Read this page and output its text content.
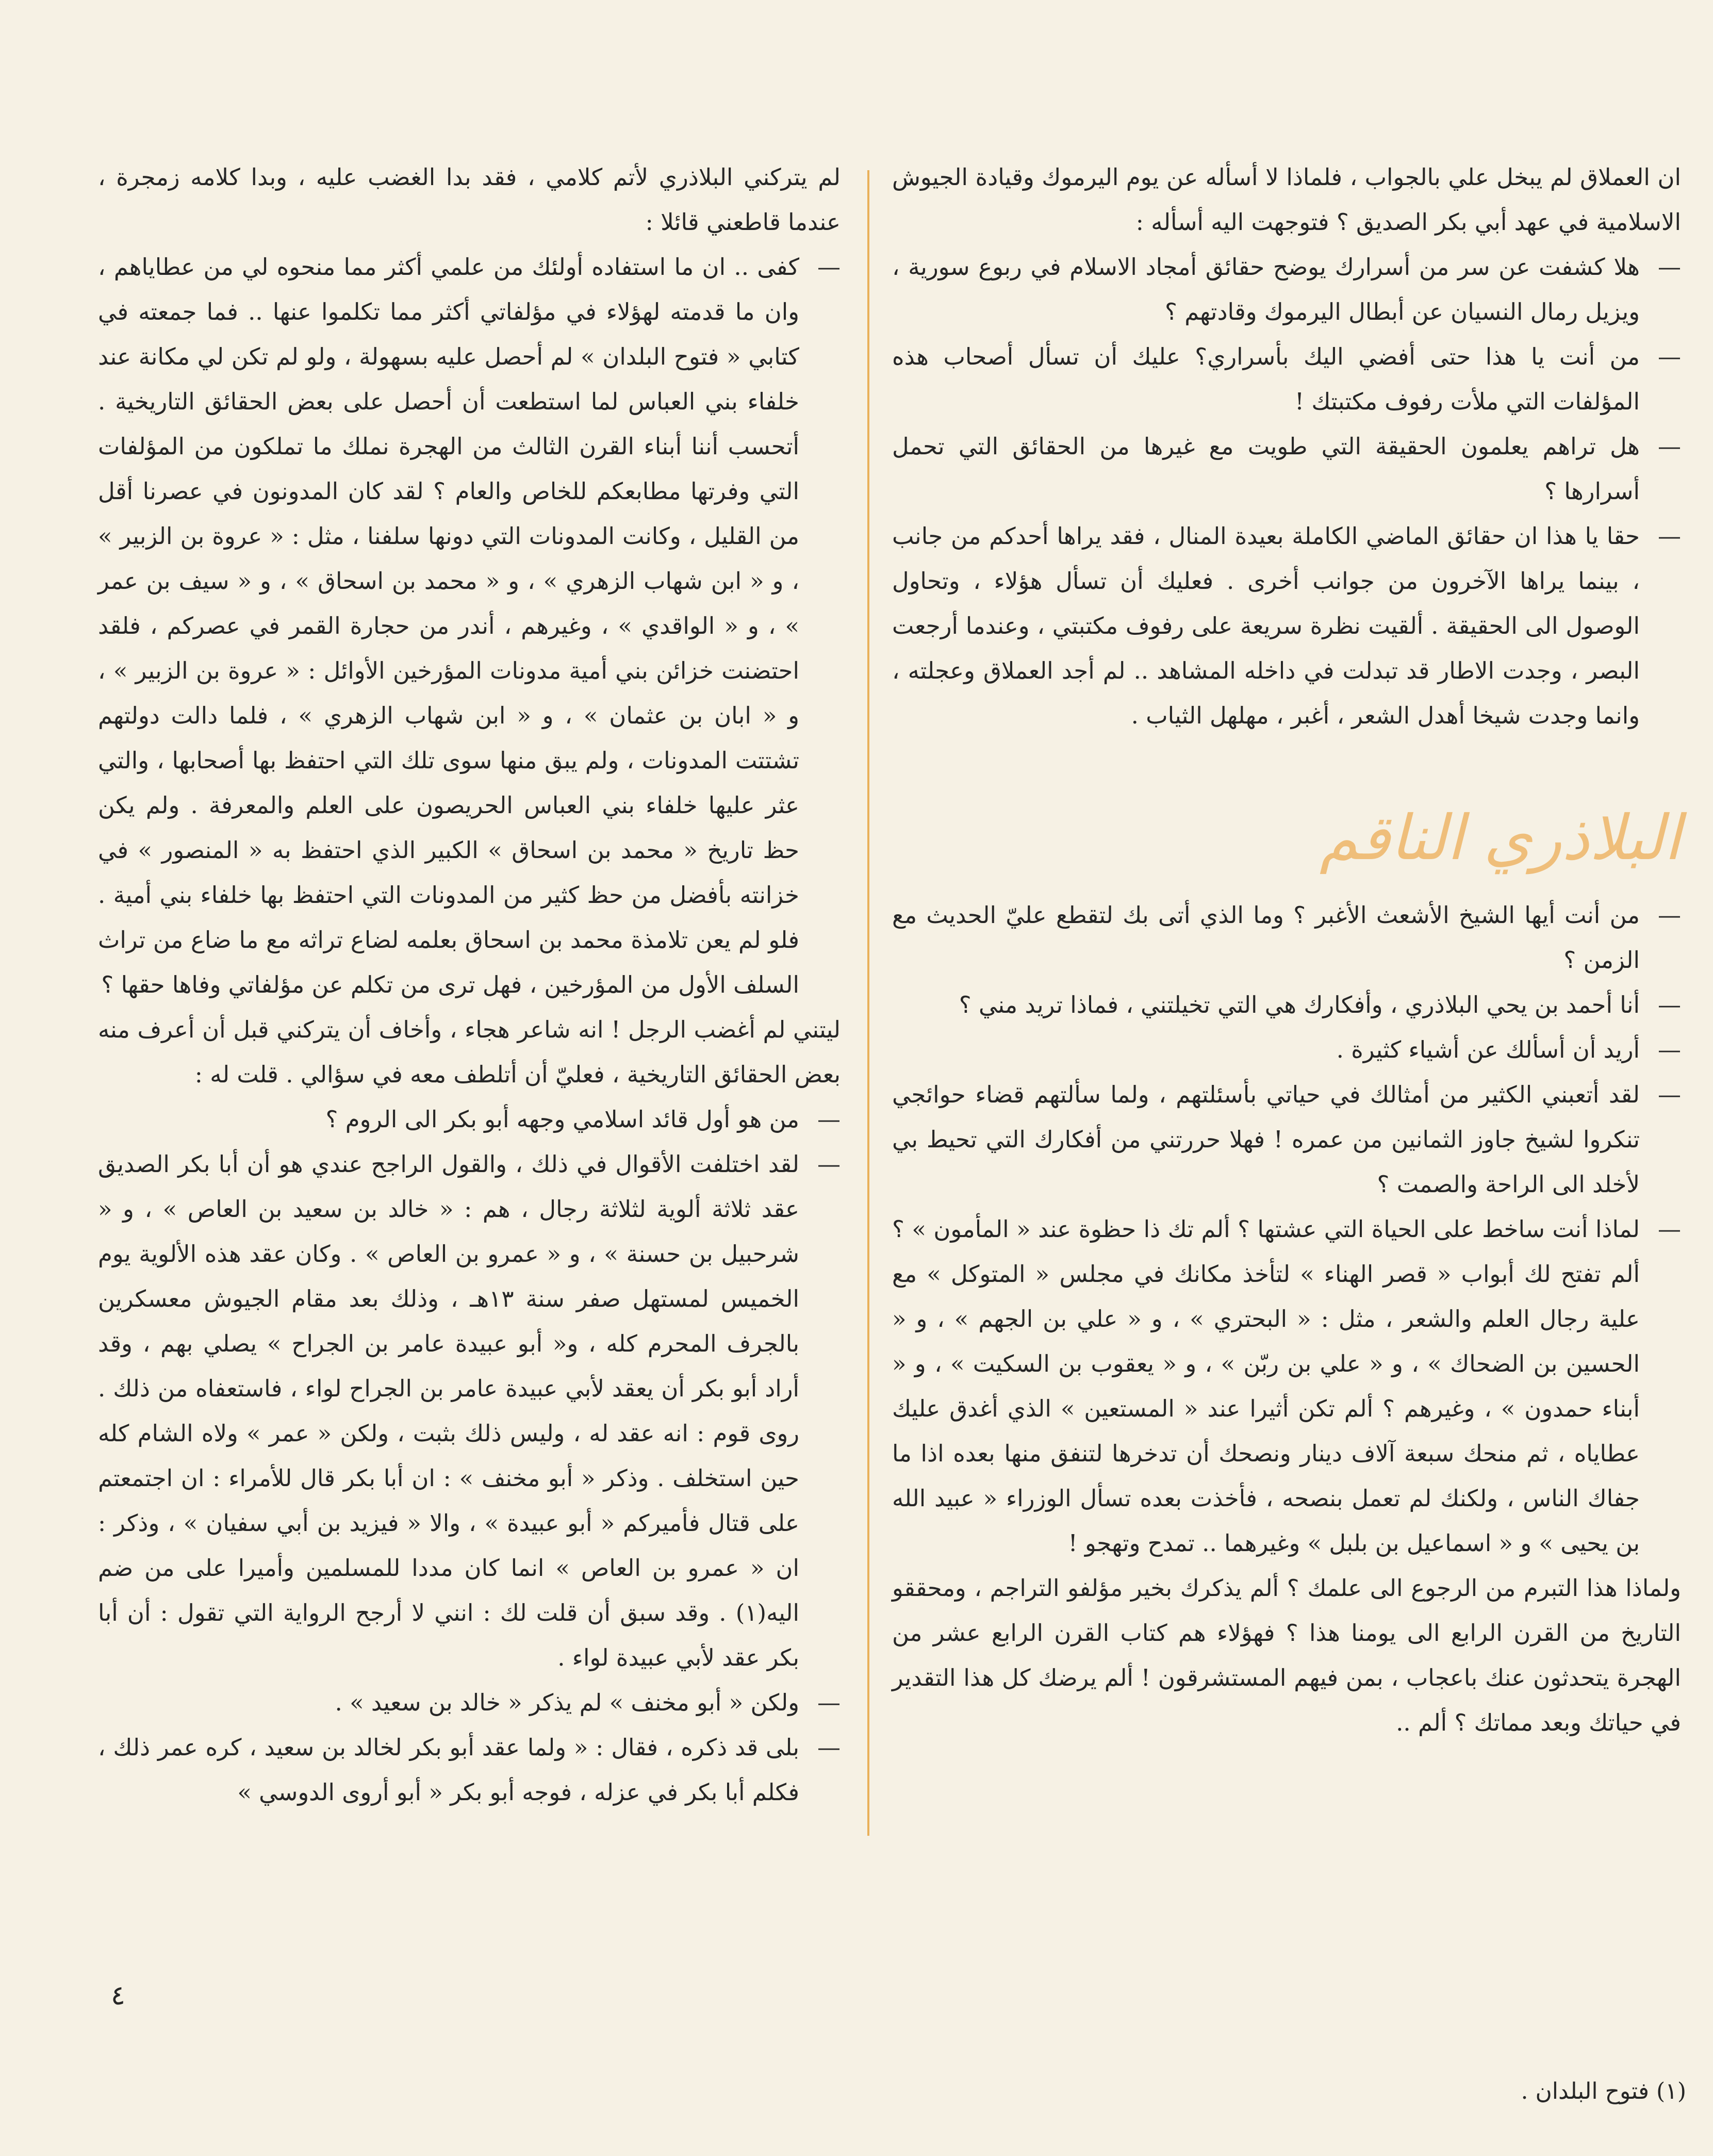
ان العملاق لم يبخل علي بالجواب ، فلماذا لا أسأله عن يوم اليرموك وقيادة الجيوش الاسلامية في عهد أبي بكر الصديق ؟ فتوجهت اليه أسأله :

— هلا كشفت عن سر من أسرارك يوضح حقائق أمجاد الاسلام في ربوع سورية ، ويزيل رمال النسيان عن أبطال اليرموك وقادتهم ؟

— من أنت يا هذا حتى أفضي اليك بأسراري؟ عليك أن تسأل أصحاب هذه المؤلفات التي ملأت رفوف مكتبتك !

— هل تراهم يعلمون الحقيقة التي طويت مع غيرها من الحقائق التي تحمل أسرارها ؟

— حقا يا هذا ان حقائق الماضي الكاملة بعيدة المنال ، فقد يراها أحدكم من جانب ، بينما يراها الآخرون من جوانب أخرى . فعليك أن تسأل هؤلاء ، وتحاول الوصول الى الحقيقة . ألقيت نظرة سريعة على رفوف مكتبتي ، وعندما أرجعت البصر ، وجدت الاطار قد تبدلت في داخله المشاهد .. لم أجد العملاق وعجلته ، وانما وجدت شيخا أهدل الشعر ، أغبر ، مهلهل الثياب .

البلاذري الناقم

— من أنت أيها الشيخ الأشعث الأغبر ؟ وما الذي أتى بك لتقطع عليّ الحديث مع الزمن ؟

— أنا أحمد بن يحي البلاذري ، وأفكارك هي التي تخيلتني ، فماذا تريد مني ؟

— أريد أن أسألك عن أشياء كثيرة .

— لقد أتعبني الكثير من أمثالك في حياتي بأسئلتهم ، ولما سألتهم قضاء حوائجي تنكروا لشيخ جاوز الثمانين من عمره ! فهلا حررتني من أفكارك التي تحيط بي لأخلد الى الراحة والصمت ؟

— لماذا أنت ساخط على الحياة التي عشتها ؟ ألم تك ذا حظوة عند « المأمون » ؟ ألم تفتح لك أبواب « قصر الهناء » لتأخذ مكانك في مجلس « المتوكل » مع علية رجال العلم والشعر ، مثل : « البحتري » ، و « علي بن الجهم » ، و « الحسين بن الضحاك » ، و « علي بن ربّن » ، و « يعقوب بن السكيت » ، و « أبناء حمدون » ، وغيرهم ؟ ألم تكن أثيرا عند « المستعين » الذي أغدق عليك عطاياه ، ثم منحك سبعة آلاف دينار ونصحك أن تدخرها لتنفق منها بعده اذا ما جفاك الناس ، ولكنك لم تعمل بنصحه ، فأخذت بعده تسأل الوزراء « عبيد الله بن يحيى » و « اسماعيل بن بلبل » وغيرهما .. تمدح وتهجو !

ولماذا هذا التبرم من الرجوع الى علمك ؟ ألم يذكرك بخير مؤلفو التراجم ، ومحققو التاريخ من القرن الرابع الى يومنا هذا ؟ فهؤلاء هم كتاب القرن الرابع عشر من الهجرة يتحدثون عنك باعجاب ، بمن فيهم المستشرقون ! ألم يرضك كل هذا التقدير في حياتك وبعد مماتك ؟ ألم ..

لم يتركني البلاذري لأتم كلامي ، فقد بدا الغضب عليه ، وبدا كلامه زمجرة ، عندما قاطعني قائلا :

— كفى .. ان ما استفاده أولئك من علمي أكثر مما منحوه لي من عطاياهم ، وان ما قدمته لهؤلاء في مؤلفاتي أكثر مما تكلموا عنها .. فما جمعته في كتابي « فتوح البلدان » لم أحصل عليه بسهولة ، ولو لم تكن لي مكانة عند خلفاء بني العباس لما استطعت أن أحصل على بعض الحقائق التاريخية . أتحسب أننا أبناء القرن الثالث من الهجرة نملك ما تملكون من المؤلفات التي وفرتها مطابعكم للخاص والعام ؟ لقد كان المدونون في عصرنا أقل من القليل ، وكانت المدونات التي دونها سلفنا ، مثل : « عروة بن الزبير » ، و « ابن شهاب الزهري » ، و « محمد بن اسحاق » ، و « سيف بن عمر » ، و « الواقدي » ، وغيرهم ، أندر من حجارة القمر في عصركم ، فلقد احتضنت خزائن بني أمية مدونات المؤرخين الأوائل : « عروة بن الزبير » ، و « ابان بن عثمان » ، و « ابن شهاب الزهري » ، فلما دالت دولتهم تشتتت المدونات ، ولم يبق منها سوى تلك التي احتفظ بها أصحابها ، والتي عثر عليها خلفاء بني العباس الحريصون على العلم والمعرفة . ولم يكن حظ تاريخ « محمد بن اسحاق » الكبير الذي احتفظ به « المنصور » في خزانته بأفضل من حظ كثير من المدونات التي احتفظ بها خلفاء بني أمية . فلو لم يعن تلامذة محمد بن اسحاق بعلمه لضاع تراثه مع ما ضاع من تراث السلف الأول من المؤرخين ، فهل ترى من تكلم عن مؤلفاتي وفاها حقها ؟

ليتني لم أغضب الرجل ! انه شاعر هجاء ، وأخاف أن يتركني قبل أن أعرف منه بعض الحقائق التاريخية ، فعليّ أن أتلطف معه في سؤالي . قلت له :

— من هو أول قائد اسلامي وجهه أبو بكر الى الروم ؟

— لقد اختلفت الأقوال في ذلك ، والقول الراجح عندي هو أن أبا بكر الصديق عقد ثلاثة ألوية لثلاثة رجال ، هم : « خالد بن سعيد بن العاص » ، و « شرحبيل بن حسنة » ، و « عمرو بن العاص » . وكان عقد هذه الألوية يوم الخميس لمستهل صفر سنة ١٣هـ ، وذلك بعد مقام الجيوش معسكرين بالجرف المحرم كله ، و« أبو عبيدة عامر بن الجراح » يصلي بهم ، وقد أراد أبو بكر أن يعقد لأبي عبيدة عامر بن الجراح لواء ، فاستعفاه من ذلك . روى قوم : انه عقد له ، وليس ذلك بثبت ، ولكن « عمر » ولاه الشام كله حين استخلف . وذكر « أبو مخنف » : ان أبا بكر قال للأمراء : ان اجتمعتم على قتال فأميركم « أبو عبيدة » ، والا « فيزيد بن أبي سفيان » ، وذكر : ان « عمرو بن العاص » انما كان مددا للمسلمين وأميرا على من ضم اليه(١) . وقد سبق أن قلت لك : انني لا أرجح الرواية التي تقول : أن أبا بكر عقد لأبي عبيدة لواء .

— ولكن « أبو مخنف » لم يذكر « خالد بن سعيد » .

— بلى قد ذكره ، فقال : « ولما عقد أبو بكر لخالد بن سعيد ، كره عمر ذلك ، فكلم أبا بكر في عزله ، فوجه أبو بكر « أبو أروى الدوسي »

٤
(١) فتوح البلدان .
